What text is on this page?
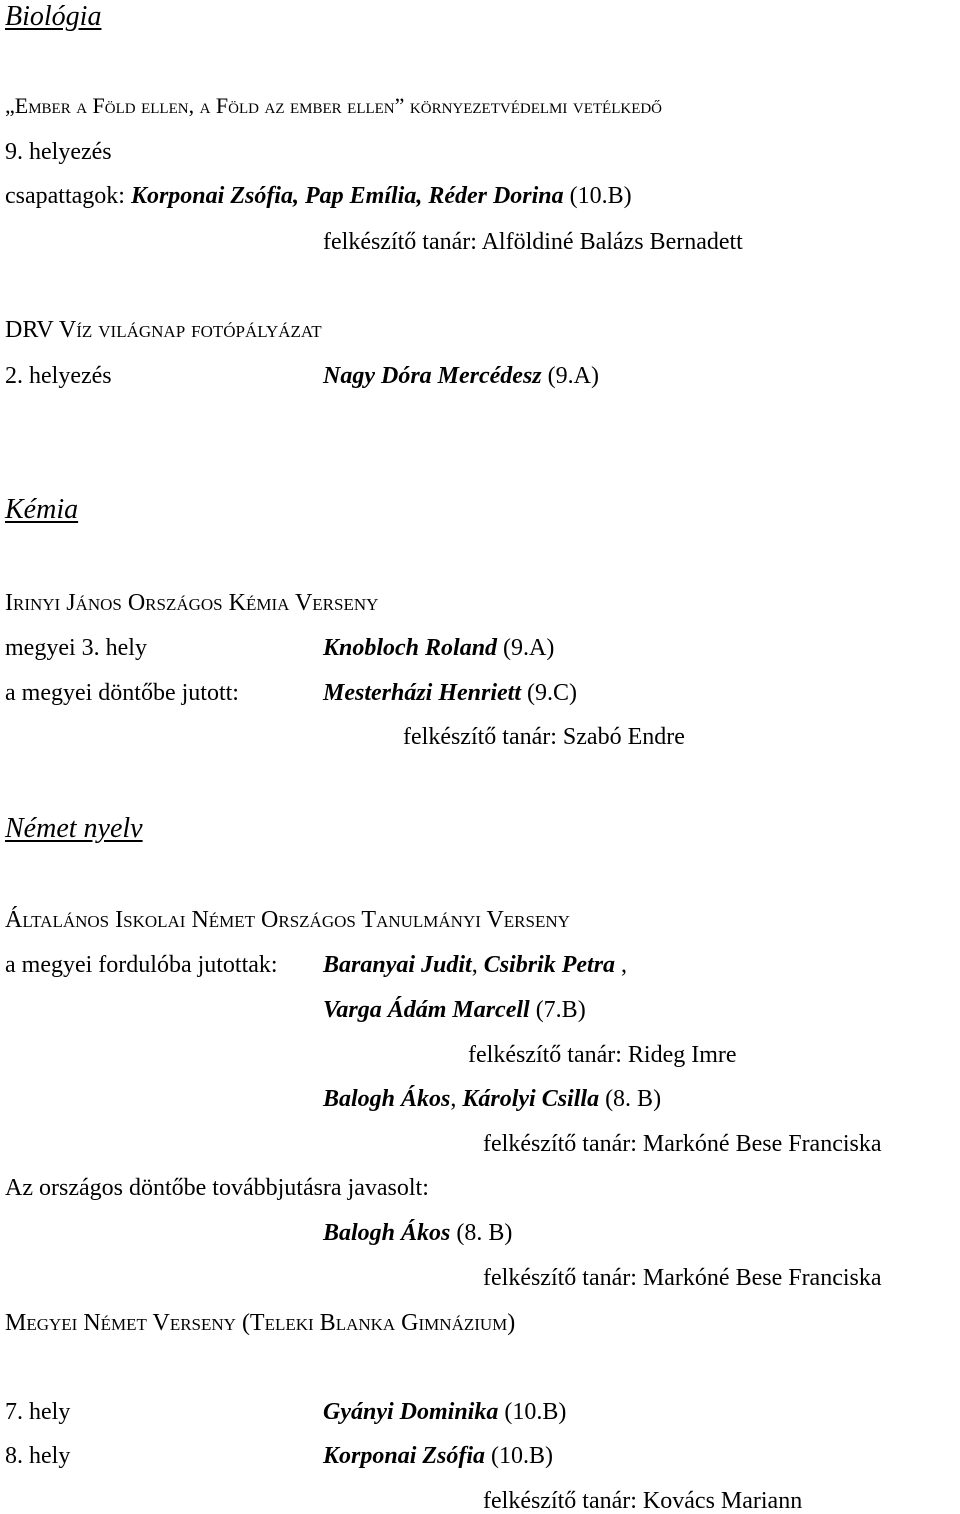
Biológia
„Ember a Föld ellen, a Föld az ember ellen” környezetvédelmi vetélkedő
9. helyezés
csapattagok: Korponai Zsófia, Pap Emília, Réder Dorina (10.B)
felkészítő tanár: Alföldiné Balázs Bernadett
DRV Víz világnap fotópályázat
2. helyezés	Nagy Dóra Mercédesz (9.A)
Kémia
Irinyi János Országos Kémia Verseny
megyei 3. hely	Knobloch Roland (9.A)
a megyei döntőbe jutott:	Mesterházi Henriett (9.C)
felkészítő tanár: Szabó Endre
Német nyelv
Általános Iskolai Német Országos Tanulmányi Verseny
a megyei fordulóba jutottak: Baranyai Judit, Csibrik Petra ,
Varga Ádám Marcell (7.B)
felkészítő tanár: Rideg Imre
Balogh Ákos, Károlyi Csilla (8. B)
felkészítő tanár: Markóné Bese Franciska
Az országos döntőbe továbbjutásra javasolt:
Balogh Ákos (8. B)
felkészítő tanár: Markóné Bese Franciska
Megyei Német Verseny (Teleki Blanka Gimnázium)
7. hely	Gyányi Dominika (10.B)
8. hely	Korponai Zsófia (10.B)
felkészítő tanár: Kovács Mariann
